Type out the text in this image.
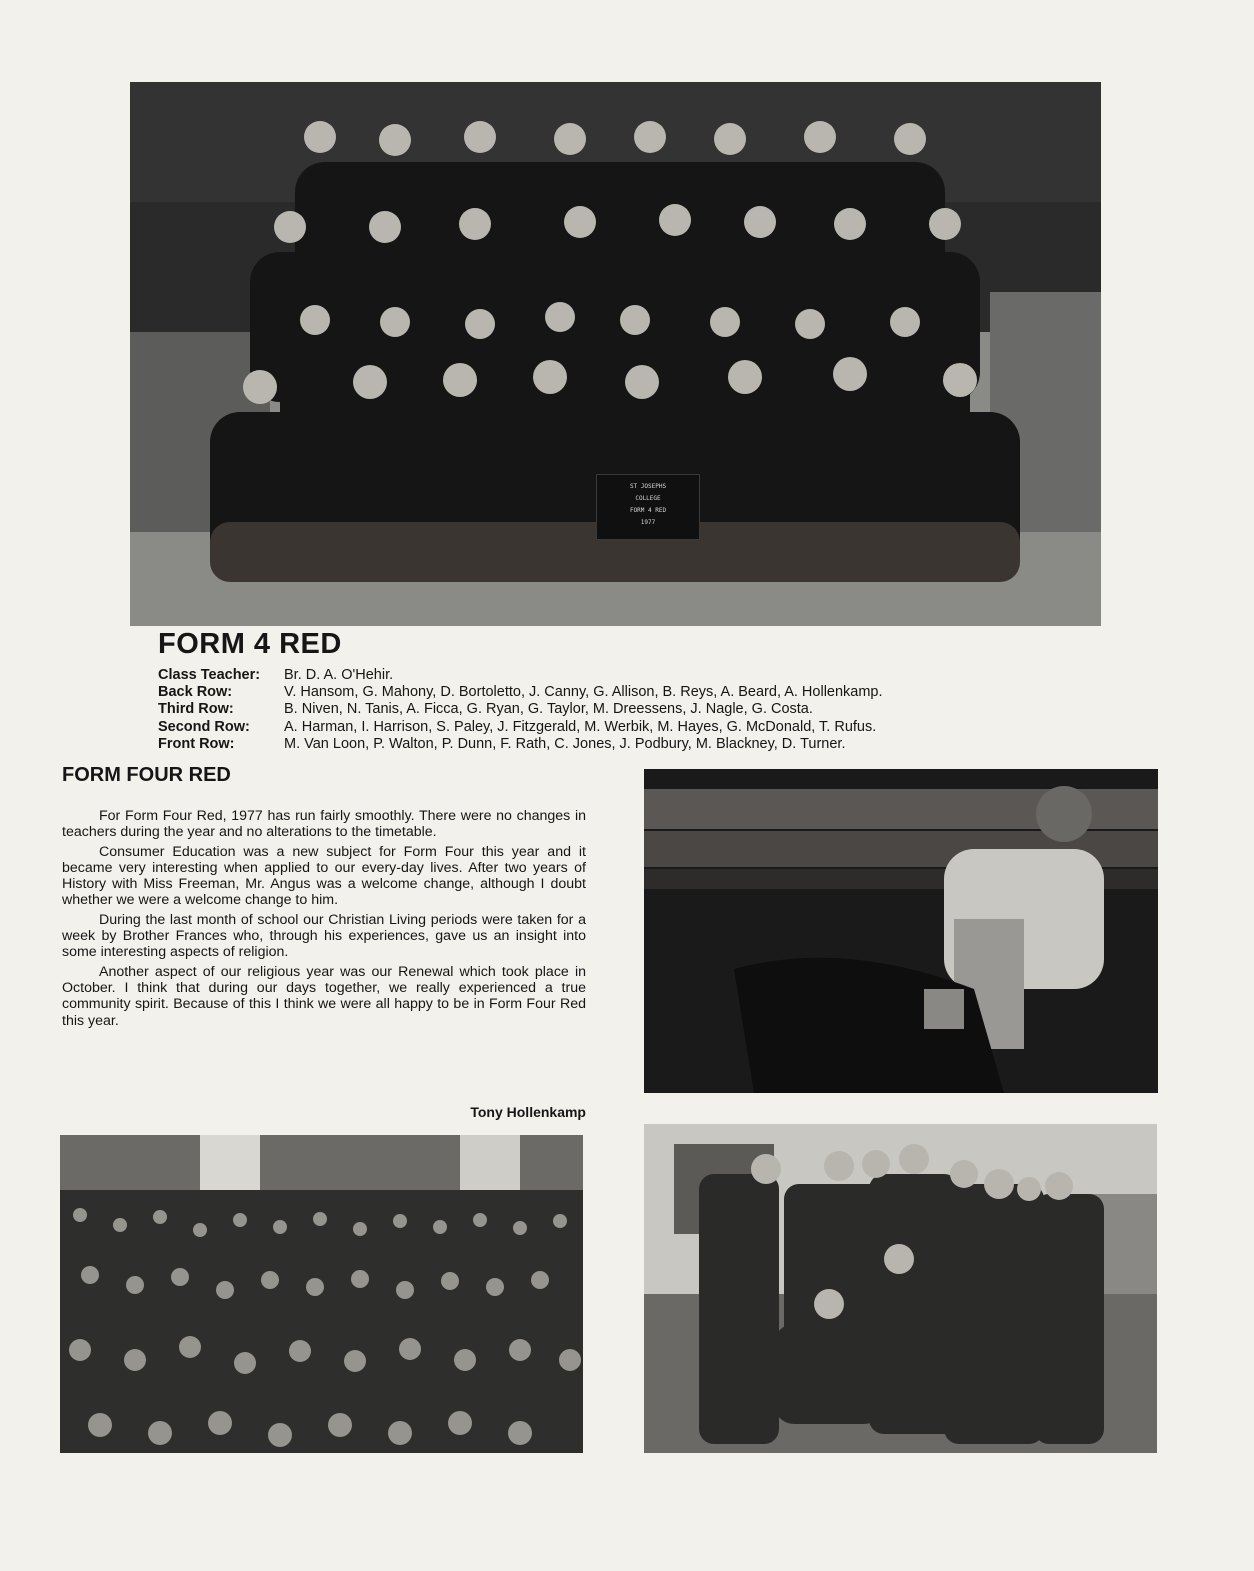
ST JOSEPHS
COLLEGE
FORM 4 RED
1977
FORM 4 RED
Class Teacher:	Br. D. A. O'Hehir.
Back Row:	V. Hansom, G. Mahony, D. Bortoletto, J. Canny, G. Allison, B. Reys, A. Beard, A. Hollenkamp.
Third Row:	B. Niven, N. Tanis, A. Ficca, G. Ryan, G. Taylor, M. Dreessens, J. Nagle, G. Costa.
Second Row:	A. Harman, I. Harrison, S. Paley, J. Fitzgerald, M. Werbik, M. Hayes, G. McDonald, T. Rufus.
Front Row:	M. Van Loon, P. Walton, P. Dunn, F. Rath, C. Jones, J. Podbury, M. Blackney, D. Turner.
FORM FOUR RED

For Form Four Red, 1977 has run fairly smoothly. There were no changes in teachers during the year and no alterations to the timetable.

Consumer Education was a new subject for Form Four this year and it became very interesting when applied to our every-day lives. After two years of History with Miss Freeman, Mr. Angus was a welcome change, although I doubt whether we were a welcome change to him.

During the last month of school our Christian Living periods were taken for a week by Brother Frances who, through his experiences, gave us an insight into some interesting aspects of religion.

Another aspect of our religious year was our Renewal which took place in October. I think that during our days together, we really experienced a true community spirit. Because of this I think we were all happy to be in Form Four Red this year.

Tony Hollenkamp
